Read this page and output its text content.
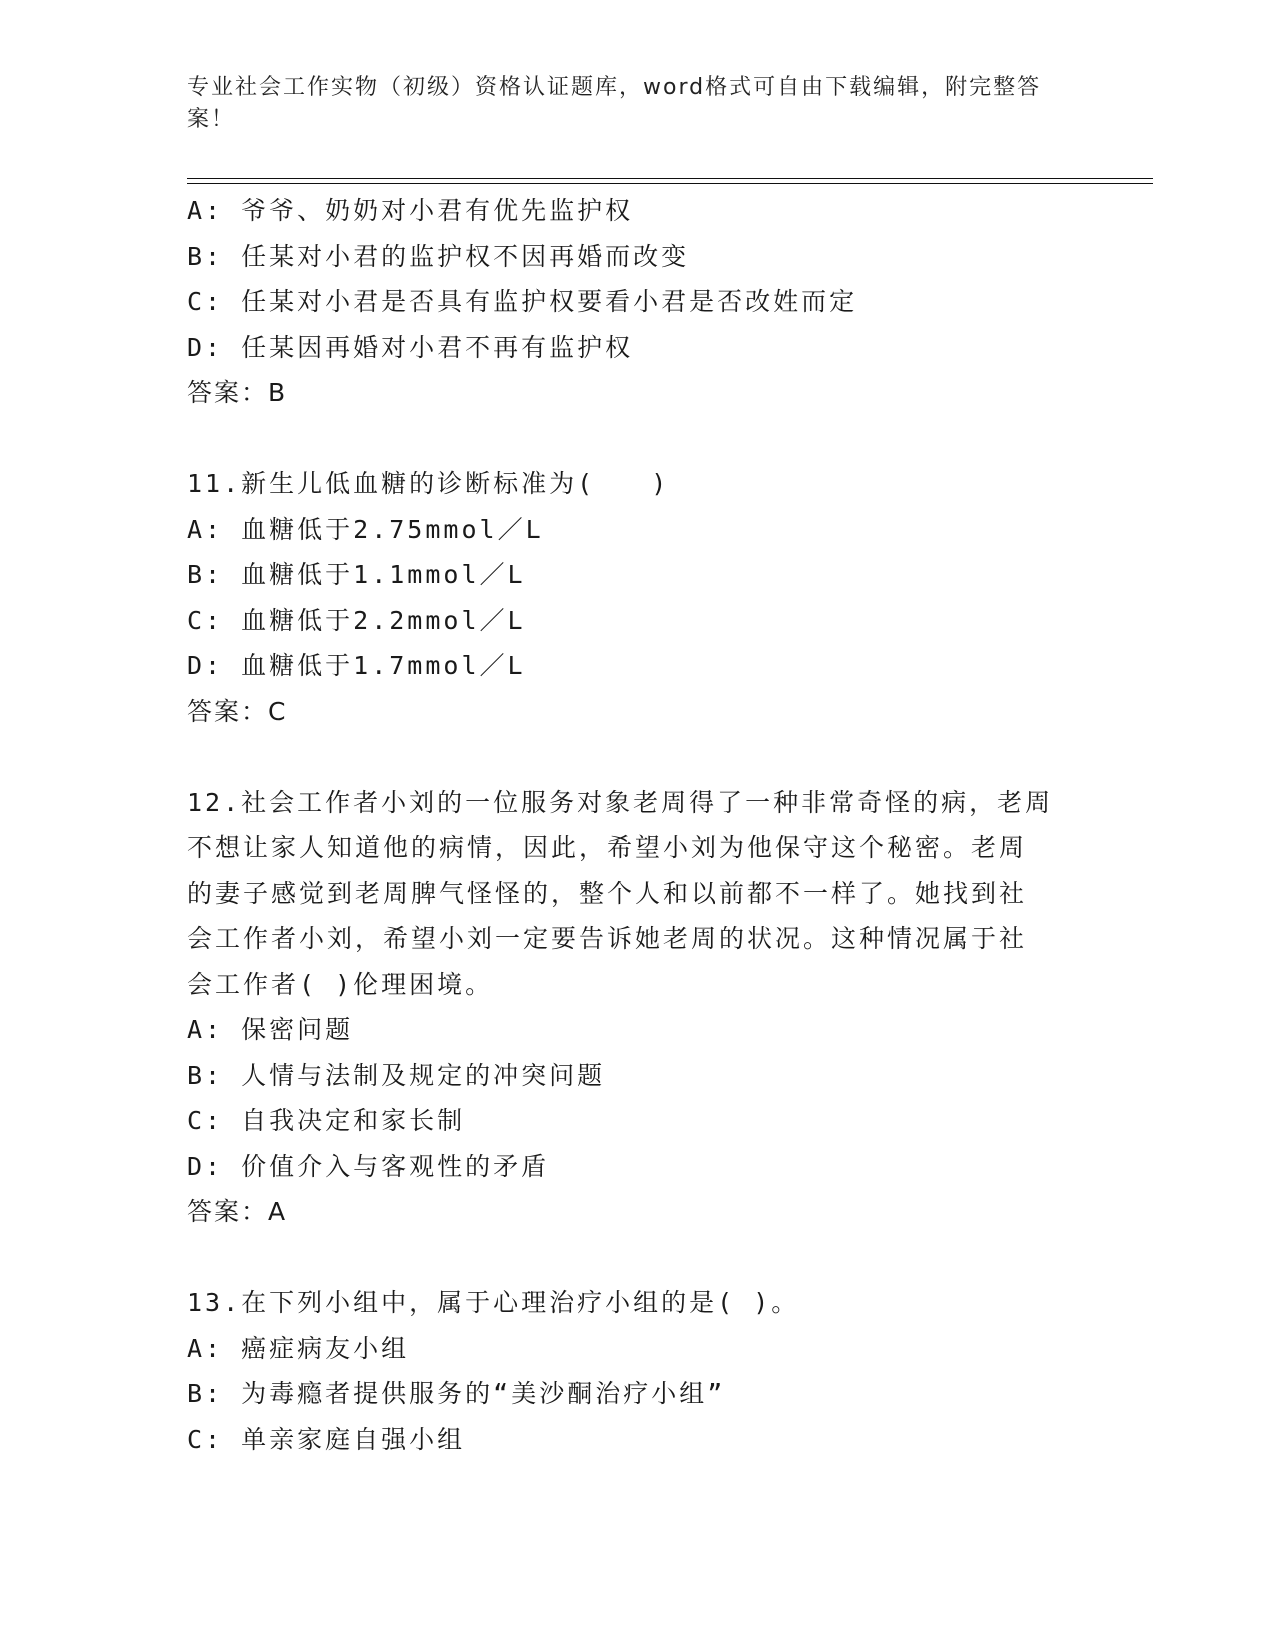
专业社会工作实物（初级）资格认证题库，word格式可自由下载编辑，附完整答案！
A: 爷爷、奶奶对小君有优先监护权
B: 任某对小君的监护权不因再婚而改变
C: 任某对小君是否具有监护权要看小君是否改姓而定
D: 任某因再婚对小君不再有监护权
答案：B
11.新生儿低血糖的诊断标准为(　　)
A: 血糖低于2.75mmol／L
B: 血糖低于1.1mmol／L
C: 血糖低于2.2mmol／L
D: 血糖低于1.7mmol／L
答案：C
12.社会工作者小刘的一位服务对象老周得了一种非常奇怪的病，老周
不想让家人知道他的病情，因此，希望小刘为他保守这个秘密。老周
的妻子感觉到老周脾气怪怪的，整个人和以前都不一样了。她找到社
会工作者小刘，希望小刘一定要告诉她老周的状况。这种情况属于社
会工作者( )伦理困境。
A: 保密问题
B: 人情与法制及规定的冲突问题
C: 自我决定和家长制
D: 价值介入与客观性的矛盾
答案：A
13.在下列小组中，属于心理治疗小组的是( )。
A: 癌症病友小组
B: 为毒瘾者提供服务的“美沙酮治疗小组”
C: 单亲家庭自强小组
